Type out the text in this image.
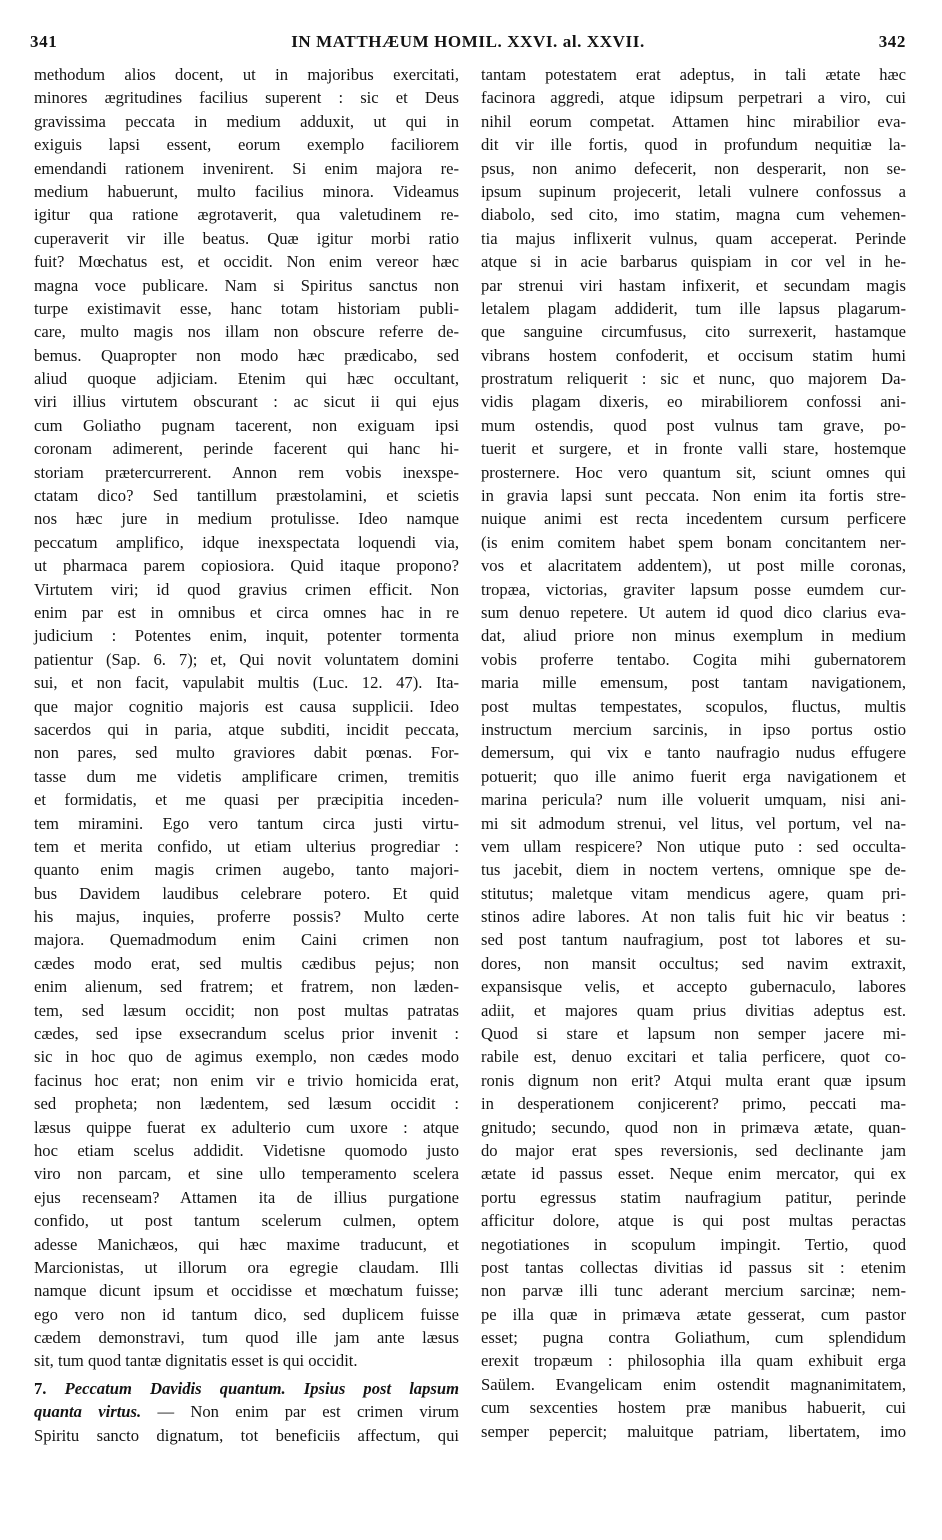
341	IN MATTHÆUM HOMIL. XXVI. al. XXVII.	342
methodum alios docent, ut in majoribus exercitati,
minores ægritudines facilius superent : sic et Deus
gravissima peccata in medium adduxit, ut qui in
exiguis lapsi essent, eorum exemplo faciliorem
emendandi rationem invenirent. Si enim majora re-
medium habuerunt, multo facilius minora. Videamus
igitur qua ratione ægrotaverit, qua valetudinem re-
cuperaverit vir ille beatus. Quæ igitur morbi ratio
fuit? Mœchatus est, et occidit. Non enim vereor hæc
magna voce publicare. Nam si Spiritus sanctus non
turpe existimavit esse, hanc totam historiam publi-
care, multo magis nos illam non obscure referre de-
bemus. Quapropter non modo hæc prædicabo, sed
aliud quoque adjiciam. Etenim qui hæc occultant,
viri illius virtutem obscurant : ac sicut ii qui ejus
cum Goliatho pugnam tacerent, non exiguam ipsi
coronam adimerent, perinde facerent qui hanc hi-
storiam prætercurrerent. Annon rem vobis inexspe-
ctatam dico? Sed tantillum præstolamini, et scietis
nos hæc jure in medium protulisse. Ideo namque
peccatum amplifico, idque inexspectata loquendi via,
ut pharmaca parem copiosiora. Quid itaque propono?
Virtutem viri; id quod gravius crimen efficit. Non
enim par est in omnibus et circa omnes hac in re
judicium : Potentes enim, inquit, potenter tormenta
patientur (Sap. 6. 7); et, Qui novit voluntatem domini
sui, et non facit, vapulabit multis (Luc. 12. 47). Ita-
que major cognitio majoris est causa supplicii. Ideo
sacerdos qui in paria, atque subditi, incidit peccata,
non pares, sed multo graviores dabit pœnas. For-
tasse dum me videtis amplificare crimen, tremitis
et formidatis, et me quasi per præcipitia inceden-
tem miramini. Ego vero tantum circa justi virtu-
tem et merita confido, ut etiam ulterius progrediar :
quanto enim magis crimen augebo, tanto majori-
bus Davidem laudibus celebrare potero. Et quid
his majus, inquies, proferre possis? Multo certe
majora. Quemadmodum enim Caini crimen non
cædes modo erat, sed multis cædibus pejus; non
enim alienum, sed fratrem; et fratrem, non læden-
tem, sed læsum occidit; non post multas patratas
cædes, sed ipse exsecrandum scelus prior invenit :
sic in hoc quo de agimus exemplo, non cædes modo
facinus hoc erat; non enim vir e trivio homicida erat,
sed propheta; non lædentem, sed læsum occidit :
læsus quippe fuerat ex adulterio cum uxore : atque
hoc etiam scelus addidit. Videtisne quomodo justo
viro non parcam, et sine ullo temperamento scelera
ejus recenseam? Attamen ita de illius purgatione
confido, ut post tantum scelerum culmen, optem
adesse Manichæos, qui hæc maxime traducunt, et
Marcionistas, ut illorum ora egregie claudam. Illi
namque dicunt ipsum et occidisse et mœchatum fuisse;
ego vero non id tantum dico, sed duplicem fuisse
cædem demonstravi, tum quod ille jam ante læsus
sit, tum quod tantæ dignitatis esset is qui occidit.
7. Peccatum Davidis quantum. Ipsius post lapsum
quanta virtus. — Non enim par est crimen virum
Spiritu sancto dignatum, tot beneficiis affectum, qui
tantam potestatem erat adeptus, in tali ætate hæc
facinora aggredi, atque idipsum perpetrari a viro, cui
nihil eorum competat. Attamen hinc mirabilior eva-
dit vir ille fortis, quod in profundum nequitiæ la-
psus, non animo defecerit, non desperarit, non se-
ipsum supinum projecerit, letali vulnere confossus a
diabolo, sed cito, imo statim, magna cum vehemen-
tia majus inflixerit vulnus, quam acceperat. Perinde
atque si in acie barbarus quispiam in cor vel in he-
par strenui viri hastam infixerit, et secundam magis
letalem plagam addiderit, tum ille lapsus plagarum-
que sanguine circumfusus, cito surrexerit, hastamque
vibrans hostem confoderit, et occisum statim humi
prostratum reliquerit : sic et nunc, quo majorem Da-
vidis plagam dixeris, eo mirabiliorem confossi ani-
mum ostendis, quod post vulnus tam grave, po-
tuerit et surgere, et in fronte valli stare, hostemque
prosternere. Hoc vero quantum sit, sciunt omnes qui
in gravia lapsi sunt peccata. Non enim ita fortis stre-
nuique animi est recta incedentem cursum perficere
(is enim comitem habet spem bonam concitantem ner-
vos et alacritatem addentem), ut post mille coronas,
tropæa, victorias, graviter lapsum posse eumdem cur-
sum denuo repetere. Ut autem id quod dico clarius eva-
dat, aliud priore non minus exemplum in medium
vobis proferre tentabo. Cogita mihi gubernatorem
maria mille emensum, post tantam navigationem,
post multas tempestates, scopulos, fluctus, multis
instructum mercium sarcinis, in ipso portus ostio
demersum, qui vix e tanto naufragio nudus effugere
potuerit; quo ille animo fuerit erga navigationem et
marina pericula? num ille voluerit umquam, nisi ani-
mi sit admodum strenui, vel litus, vel portum, vel na-
vem ullam respicere? Non utique puto : sed occulta-
tus jacebit, diem in noctem vertens, omnique spe de-
stitutus; maletque vitam mendicus agere, quam pri-
stinos adire labores. At non talis fuit hic vir beatus :
sed post tantum naufragium, post tot labores et su-
dores, non mansit occultus; sed navim extraxit,
expansisque velis, et accepto gubernaculo, labores
adiit, et majores quam prius divitias adeptus est.
Quod si stare et lapsum non semper jacere mi-
rabile est, denuo excitari et talia perficere, quot co-
ronis dignum non erit? Atqui multa erant quæ ipsum
in desperationem conjicerent? primo, peccati ma-
gnitudo; secundo, quod non in primæva ætate, quan-
do major erat spes reversionis, sed declinante jam
ætate id passus esset. Neque enim mercator, qui ex
portu egressus statim naufragium patitur, perinde
afficitur dolore, atque is qui post multas peractas
negotiationes in scopulum impingit. Tertio, quod
post tantas collectas divitias id passus sit : etenim
non parvæ illi tunc aderant mercium sarcinæ; nem-
pe illa quæ in primæva ætate gesserat, cum pastor
esset; pugna contra Goliathum, cum splendidum
erexit tropæum : philosophia illa quam exhibuit erga
Saülem. Evangelicam enim ostendit magnanimitatem,
cum sexcenties hostem præ manibus habuerit, cui
semper pepercit; maluitque patriam, libertatem, imo
